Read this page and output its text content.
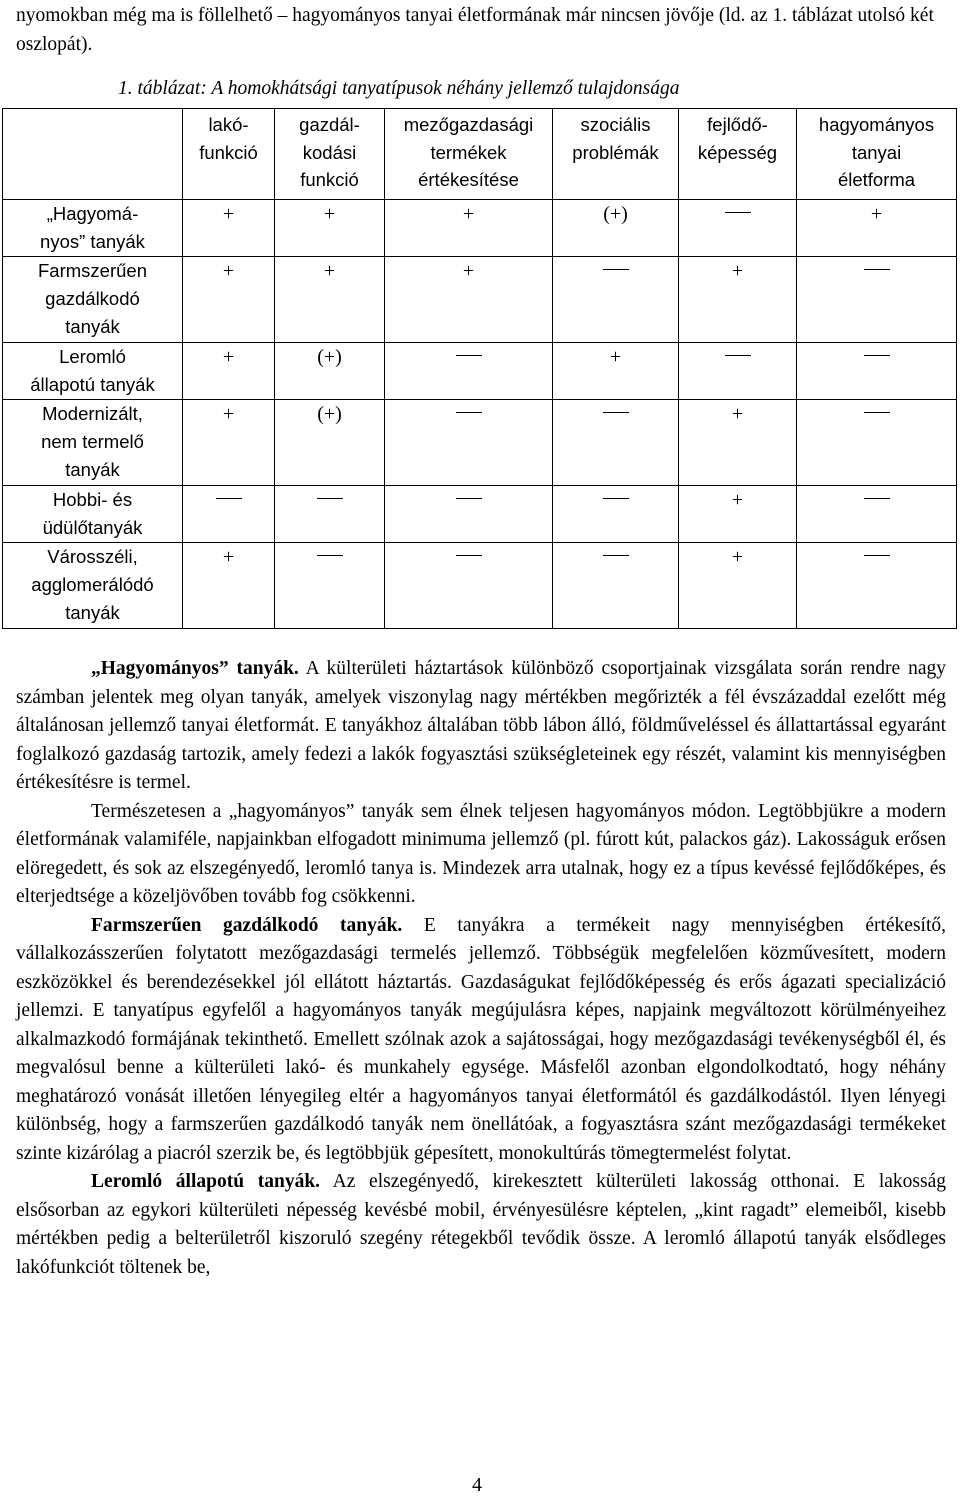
nyomokban még ma is föllelhető – hagyományos tanyai életformának már nincsen jövője (ld. az 1. táblázat utolsó két oszlopát).

1. táblázat: A homokhátsági tanyatípusok néhány jellemző tulajdonsága
	lakó-
funkció	gazdál-
kodási
funkció	mezőgazdasági
termékek
értékesítése	szociális
problémák	fejlődő-
képesség	hagyományos
tanyai
életforma
„Hagyomá-
nyos” tanyák	+	+	+	(+)		+
Farmszerűen
gazdálkodó
tanyák	+	+	+		+	
Leromló
állapotú tanyák	+	(+)		+		
Modernizált,
nem termelő
tanyák	+	(+)			+	
Hobbi- és
üdülőtanyák					+	
Városszéli,
agglomerálódó
tanyák	+				+	

„Hagyományos” tanyák. A külterületi háztartások különböző csoportjainak vizsgálata során rendre nagy számban jelentek meg olyan tanyák, amelyek viszonylag nagy mértékben megőrizték a fél évszázaddal ezelőtt még általánosan jellemző tanyai életformát. E tanyákhoz általában több lábon álló, földműveléssel és állattartással egyaránt foglalkozó gazdaság tartozik, amely fedezi a lakók fogyasztási szükségleteinek egy részét, valamint kis mennyiségben értékesítésre is termel.

Természetesen a „hagyományos” tanyák sem élnek teljesen hagyományos módon. Legtöbbjükre a modern életformának valamiféle, napjainkban elfogadott minimuma jellemző (pl. fúrott kút, palackos gáz). Lakosságuk erősen elöregedett, és sok az elszegényedő, leromló tanya is. Mindezek arra utalnak, hogy ez a típus kevéssé fejlődőképes, és elterjedtsége a közeljövőben tovább fog csökkenni.

Farmszerűen gazdálkodó tanyák. E tanyákra a termékeit nagy mennyiségben értékesítő, vállalkozásszerűen folytatott mezőgazdasági termelés jellemző. Többségük megfelelően közművesített, modern eszközökkel és berendezésekkel jól ellátott háztartás. Gazdaságukat fejlődőképesség és erős ágazati specializáció jellemzi. E tanyatípus egyfelől a hagyományos tanyák megújulásra képes, napjaink megváltozott körülményeihez alkalmazkodó formájának tekinthető. Emellett szólnak azok a sajátosságai, hogy mezőgazdasági tevékenységből él, és megvalósul benne a külterületi lakó- és munkahely egysége. Másfelől azonban elgondolkodtató, hogy néhány meghatározó vonását illetően lényegileg eltér a hagyományos tanyai életformától és gazdálkodástól. Ilyen lényegi különbség, hogy a farmszerűen gazdálkodó tanyák nem önellátóak, a fogyasztásra szánt mezőgazdasági termékeket szinte kizárólag a piacról szerzik be, és legtöbbjük gépesített, monokultúrás tömegtermelést folytat.

Leromló állapotú tanyák. Az elszegényedő, kirekesztett külterületi lakosság otthonai. E lakosság elsősorban az egykori külterületi népesség kevésbé mobil, érvényesülésre képtelen, „kint ragadt” elemeiből, kisebb mértékben pedig a belterületről kiszoruló szegény rétegekből tevődik össze. A leromló állapotú tanyák elsődleges lakófunkciót töltenek be,

4
